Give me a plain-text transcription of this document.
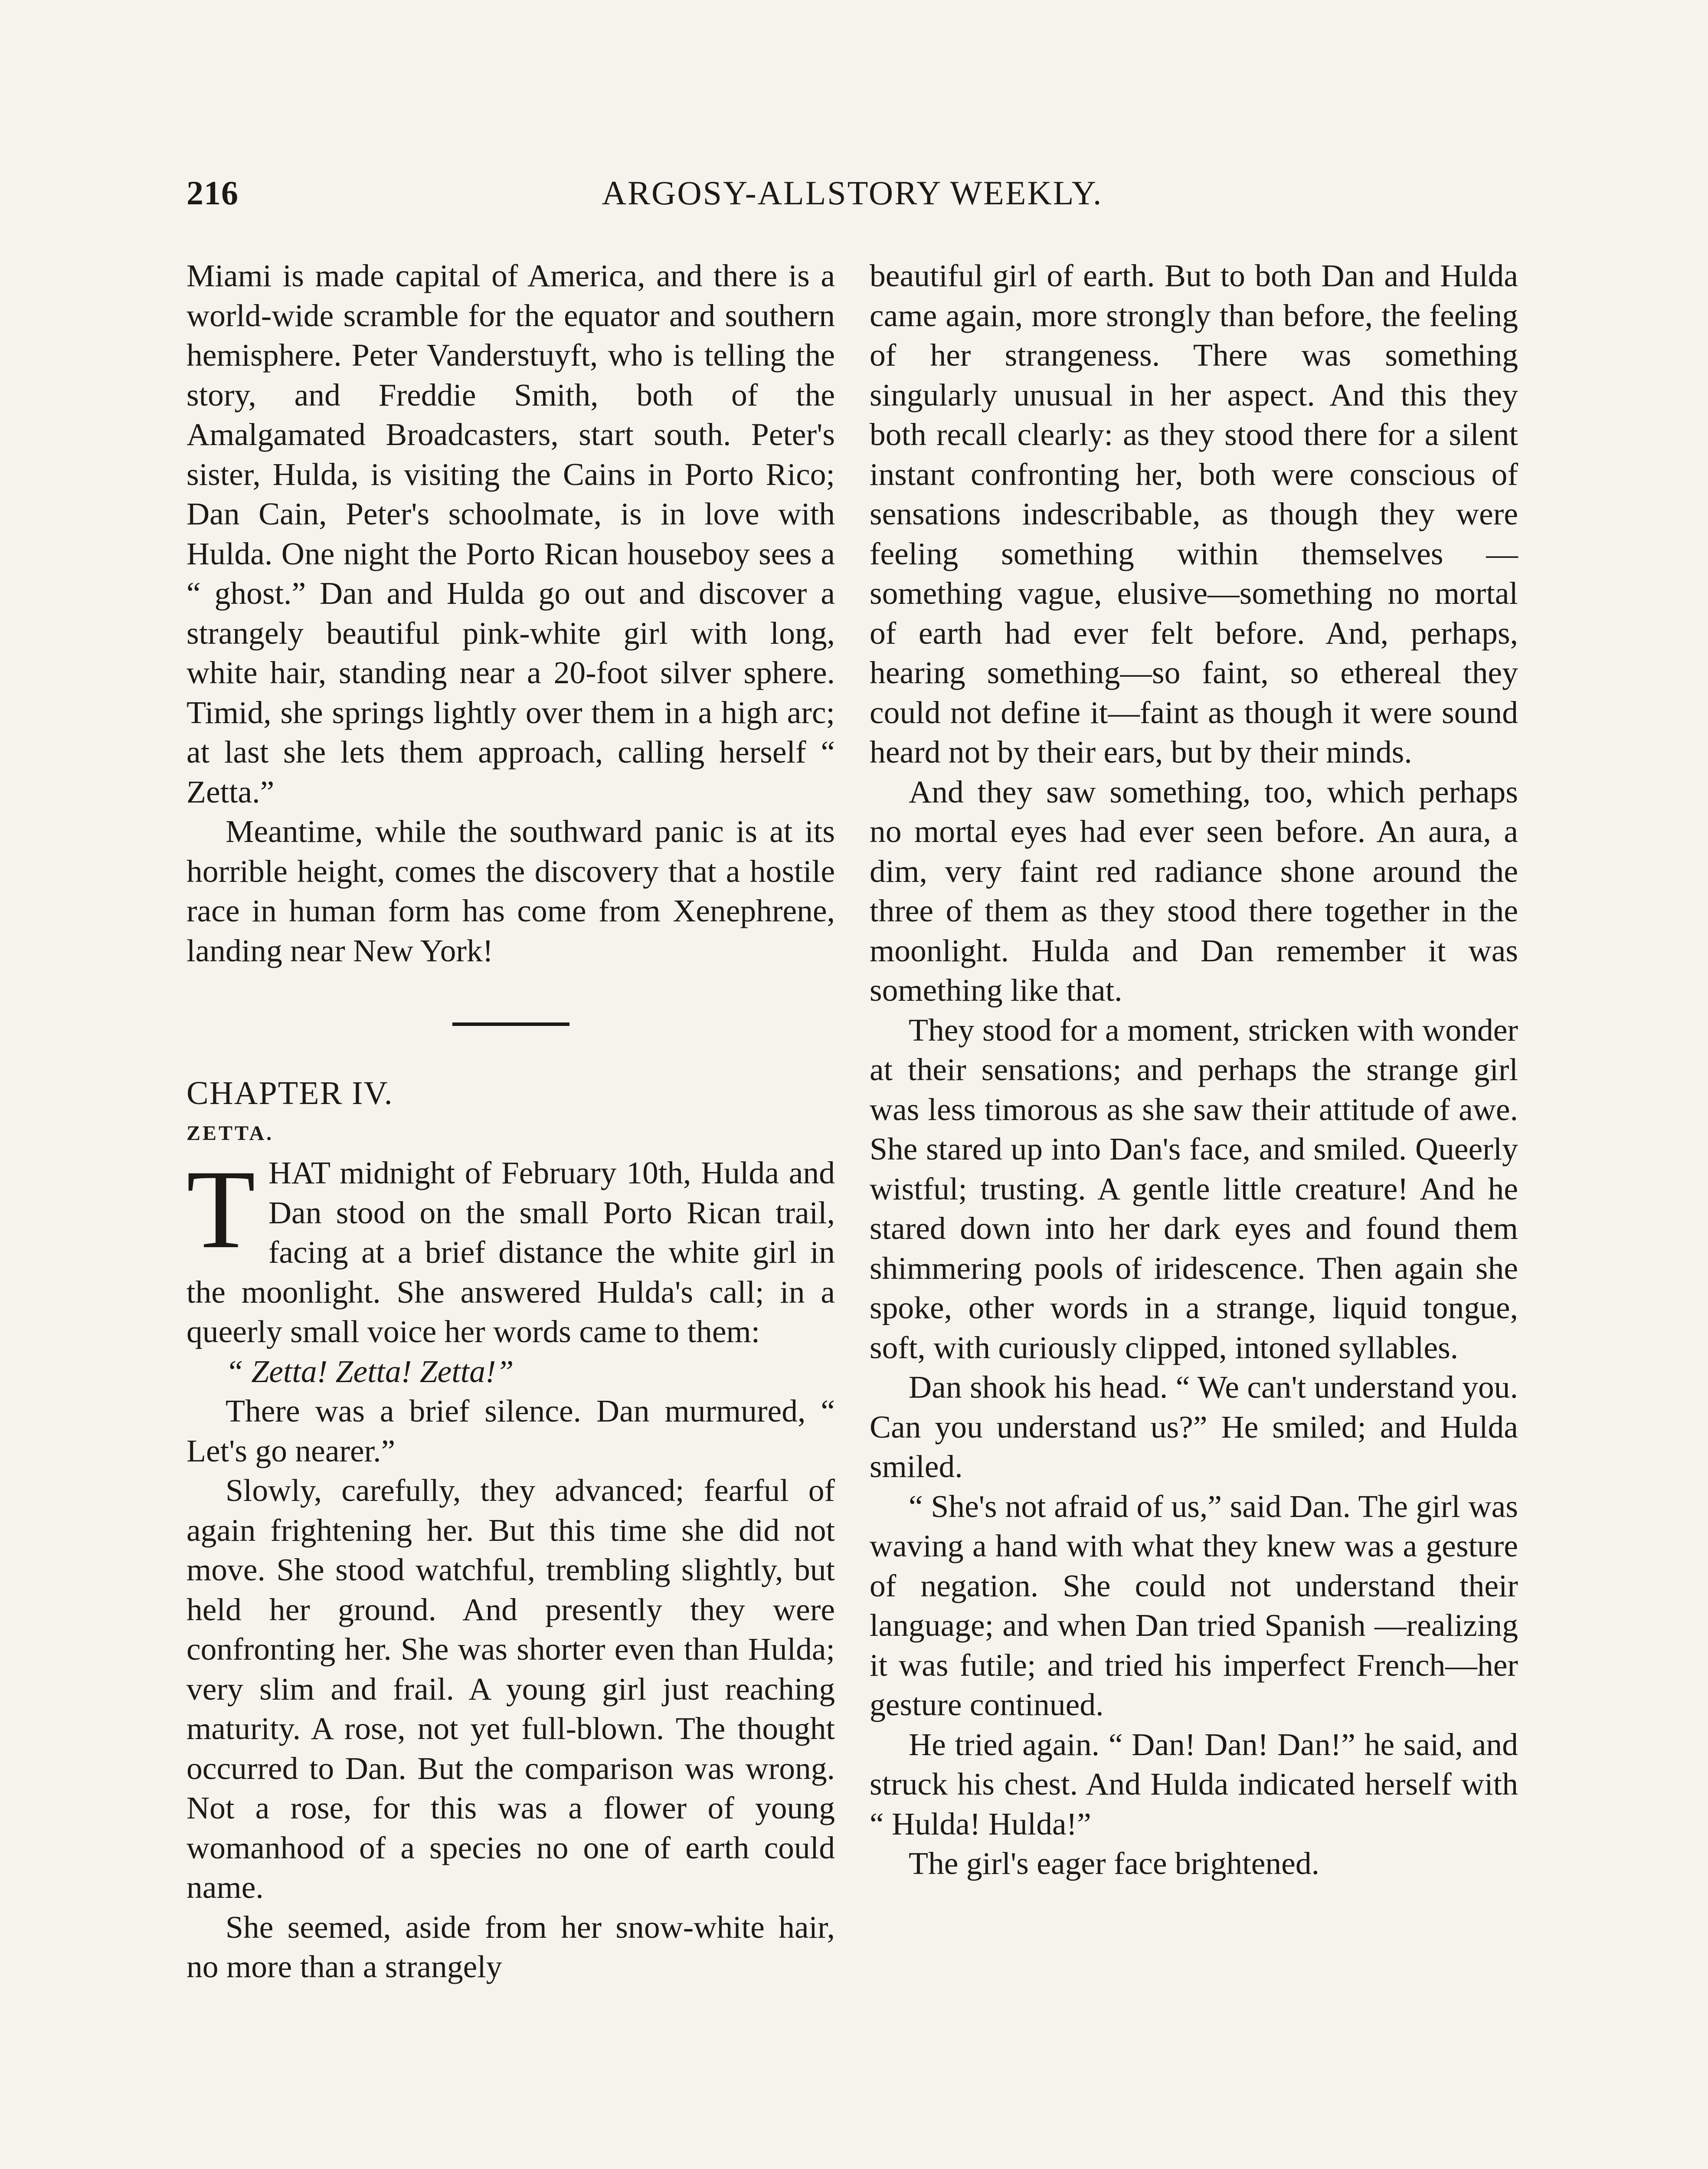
216	ARGOSY-ALLSTORY WEEKLY.

Miami is made capital of America, and there is a world-wide scramble for the equator and southern hemisphere. Peter Vanderstuyft, who is telling the story, and Freddie Smith, both of the Amalgamated Broadcasters, start south. Peter's sister, Hulda, is visiting the Cains in Porto Rico; Dan Cain, Peter's schoolmate, is in love with Hulda. One night the Porto Rican houseboy sees a “ ghost.” Dan and Hulda go out and discover a strangely beautiful pink-white girl with long, white hair, standing near a 20-foot silver sphere. Timid, she springs lightly over them in a high arc; at last she lets them approach, calling herself “ Zetta.”

Meantime, while the southward panic is at its horrible height, comes the discovery that a hostile race in human form has come from Xenephrene, landing near New York!

CHAPTER IV.

ZETTA.

THAT midnight of February 10th, Hulda and Dan stood on the small Porto Rican trail, facing at a brief distance the white girl in the moonlight. She answered Hulda's call; in a queerly small voice her words came to them:

“ Zetta! Zetta! Zetta!”

There was a brief silence. Dan murmured, “ Let's go nearer.”

Slowly, carefully, they advanced; fearful of again frightening her. But this time she did not move. She stood watchful, trembling slightly, but held her ground. And presently they were confronting her. She was shorter even than Hulda; very slim and frail. A young girl just reaching maturity. A rose, not yet full-blown. The thought occurred to Dan. But the comparison was wrong. Not a rose, for this was a flower of young womanhood of a species no one of earth could name.

She seemed, aside from her snow-white hair, no more than a strangely

beautiful girl of earth. But to both Dan and Hulda came again, more strongly than before, the feeling of her strangeness. There was something singularly unusual in her aspect. And this they both recall clearly: as they stood there for a silent instant confronting her, both were conscious of sensations indescribable, as though they were feeling something within themselves — something vague, elusive—something no mortal of earth had ever felt before. And, perhaps, hearing something—so faint, so ethereal they could not define it—faint as though it were sound heard not by their ears, but by their minds.

And they saw something, too, which perhaps no mortal eyes had ever seen before. An aura, a dim, very faint red radiance shone around the three of them as they stood there together in the moonlight. Hulda and Dan remember it was something like that.

They stood for a moment, stricken with wonder at their sensations; and perhaps the strange girl was less timorous as she saw their attitude of awe. She stared up into Dan's face, and smiled. Queerly wistful; trusting. A gentle little creature! And he stared down into her dark eyes and found them shimmering pools of iridescence. Then again she spoke, other words in a strange, liquid tongue, soft, with curiously clipped, intoned syllables.

Dan shook his head. “ We can't understand you. Can you understand us?” He smiled; and Hulda smiled.

“ She's not afraid of us,” said Dan. The girl was waving a hand with what they knew was a gesture of negation. She could not understand their language; and when Dan tried Spanish —realizing it was futile; and tried his imperfect French—her gesture continued.

He tried again. “ Dan! Dan! Dan!” he said, and struck his chest. And Hulda indicated herself with “ Hulda! Hulda!”

The girl's eager face brightened.
